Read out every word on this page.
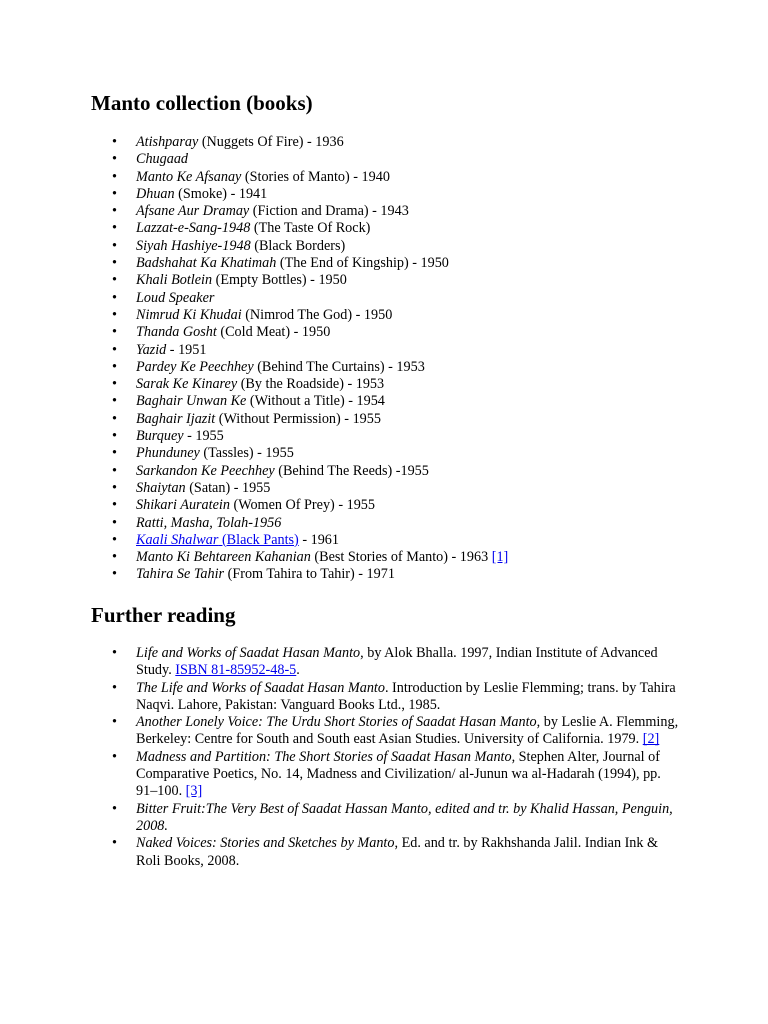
Manto collection (books)
• Atishparay (Nuggets Of Fire) - 1936
• Chugaad
• Manto Ke Afsanay (Stories of Manto) - 1940
• Dhuan (Smoke) - 1941
• Afsane Aur Dramay (Fiction and Drama) - 1943
• Lazzat-e-Sang-1948 (The Taste Of Rock)
• Siyah Hashiye-1948 (Black Borders)
• Badshahat Ka Khatimah (The End of Kingship) - 1950
• Khali Botlein (Empty Bottles) - 1950
• Loud Speaker
• Nimrud Ki Khudai (Nimrod The God) - 1950
• Thanda Gosht (Cold Meat) - 1950
• Yazid - 1951
• Pardey Ke Peechhey (Behind The Curtains) - 1953
• Sarak Ke Kinarey (By the Roadside) - 1953
• Baghair Unwan Ke (Without a Title) - 1954
• Baghair Ijazit (Without Permission) - 1955
• Burquey - 1955
• Phunduney (Tassles) - 1955
• Sarkandon Ke Peechhey (Behind The Reeds) -1955
• Shaiytan (Satan) - 1955
• Shikari Auratein (Women Of Prey) - 1955
• Ratti, Masha, Tolah-1956
• Kaali Shalwar (Black Pants) - 1961
• Manto Ki Behtareen Kahanian (Best Stories of Manto) - 1963 [1]
• Tahira Se Tahir (From Tahira to Tahir) - 1971
Further reading
• Life and Works of Saadat Hasan Manto, by Alok Bhalla. 1997, Indian Institute of Advanced Study. ISBN 81-85952-48-5.
• The Life and Works of Saadat Hasan Manto. Introduction by Leslie Flemming; trans. by Tahira Naqvi. Lahore, Pakistan: Vanguard Books Ltd., 1985.
• Another Lonely Voice: The Urdu Short Stories of Saadat Hasan Manto, by Leslie A. Flemming, Berkeley: Centre for South and South east Asian Studies. University of California. 1979. [2]
• Madness and Partition: The Short Stories of Saadat Hasan Manto, Stephen Alter, Journal of Comparative Poetics, No. 14, Madness and Civilization/ al-Junun wa al-Hadarah (1994), pp. 91–100. [3]
• Bitter Fruit:The Very Best of Saadat Hassan Manto, edited and tr. by Khalid Hassan, Penguin, 2008.
• Naked Voices: Stories and Sketches by Manto, Ed. and tr. by Rakhshanda Jalil. Indian Ink & Roli Books, 2008.
